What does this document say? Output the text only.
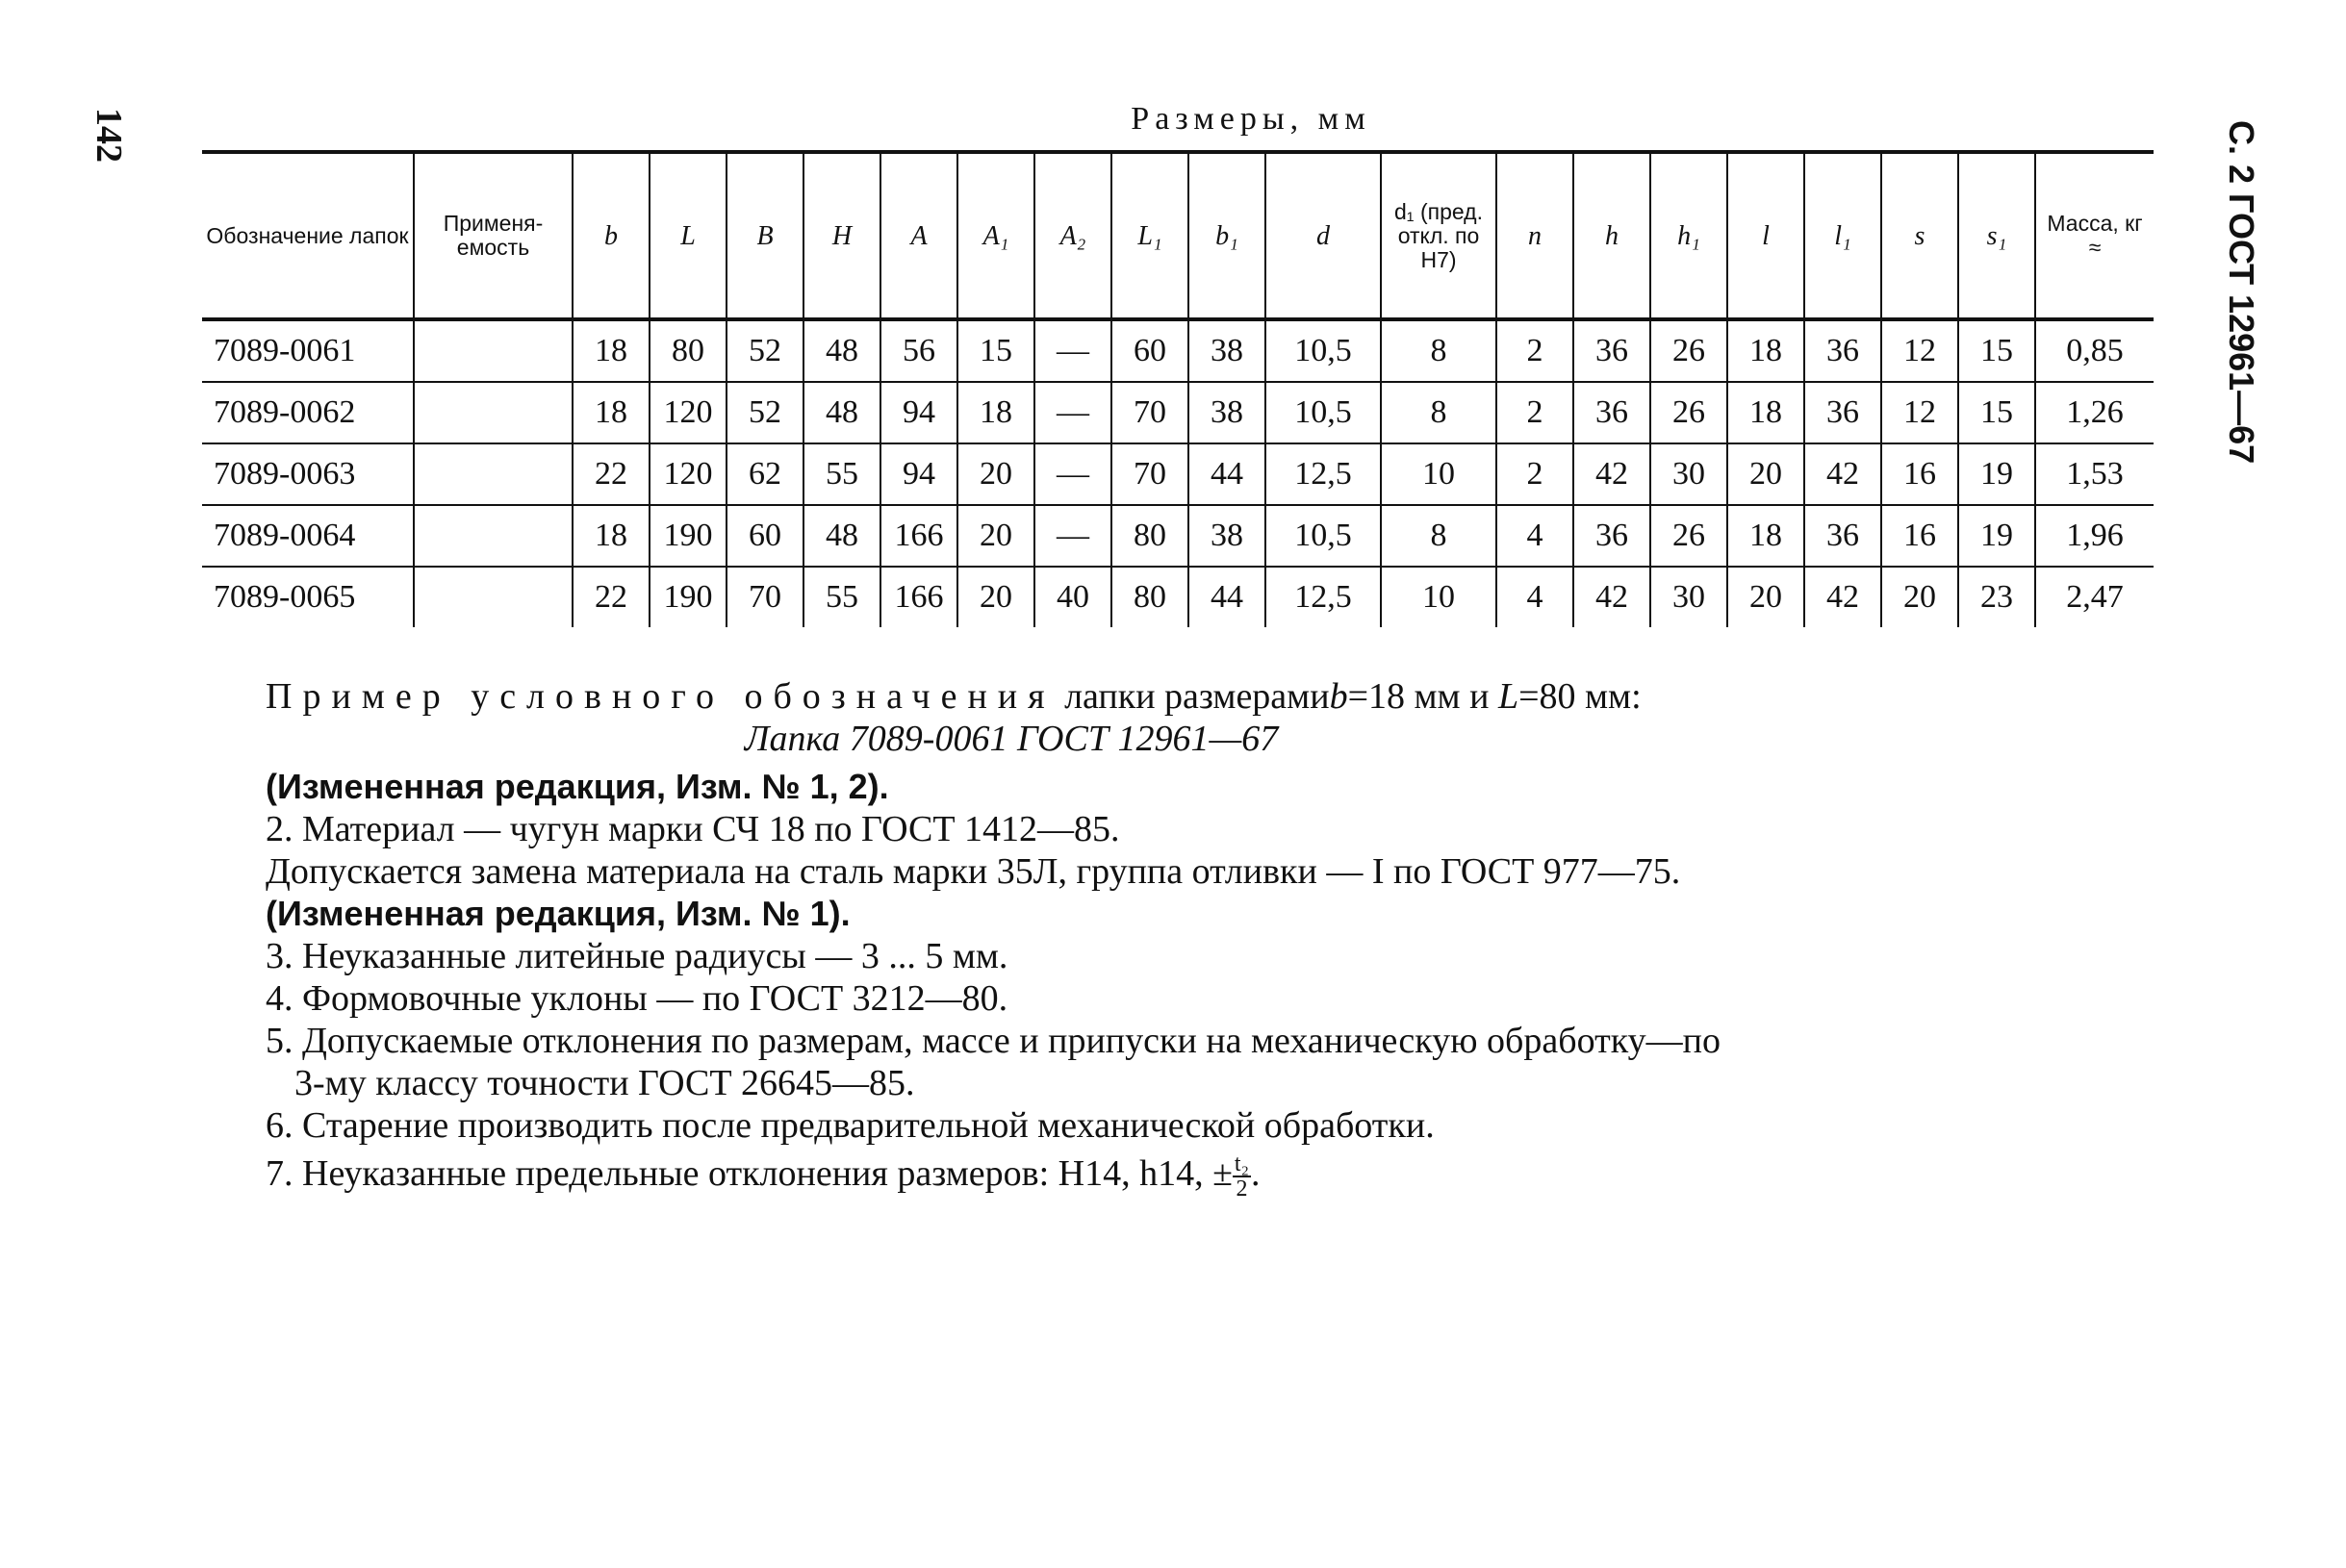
142	С. 2 ГОСТ 12961—67
Размеры, мм
Обозначение лапок	Применя- емость	b	L	B	H	A	A₁	A₂	L₁	b₁	d	d₁ (пред. откл. по Н7)	n	h	h₁	l	l₁	s	s₁	Масса, кг ≈
7089-0061		18	80	52	48	56	15	—	60	38	10,5	8	2	36	26	18	36	12	15	0,85
7089-0062		18	120	52	48	94	18	—	70	38	10,5	8	2	36	26	18	36	12	15	1,26
7089-0063		22	120	62	55	94	20	—	70	44	12,5	10	2	42	30	20	42	16	19	1,53
7089-0064		18	190	60	48	166	20	—	80	38	10,5	8	4	36	26	18	36	16	19	1,96
7089-0065		22	190	70	55	166	20	40	80	44	12,5	10	4	42	30	20	42	20	23	2,47
Пример условного обозначения лапки размерамиb=18 мм и L=80 мм:
Лапка 7089-0061 ГОСТ 12961—67
(Измененная редакция, Изм. № 1, 2).
2. Материал — чугун марки СЧ 18 по ГОСТ 1412—85.
Допускается замена материала на сталь марки 35Л, группа отливки — I по ГОСТ 977—75.
(Измененная редакция, Изм. № 1).
3. Неуказанные литейные радиусы — 3 ... 5 мм.
4. Формовочные уклоны — по ГОСТ 3212—80.
5. Допускаемые отклонения по размерам, массе и припуски на механическую обработку—по
3-му классу точности ГОСТ 26645—85.
6. Старение производить после предварительной механической обработки.
7. Неуказанные предельные отклонения размеров: Н14, h14, ± $\frac{\text{t₂}}{2}$ .
